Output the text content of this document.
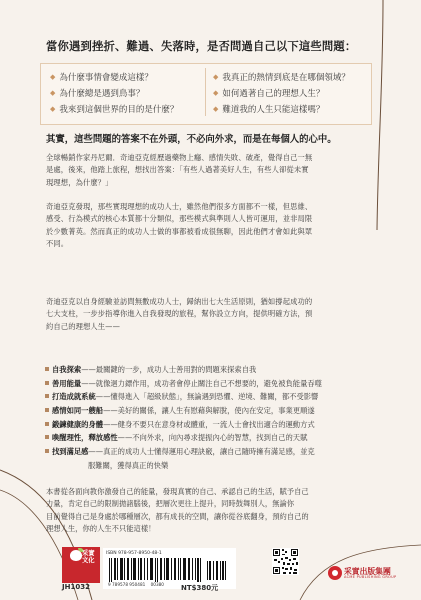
當你遇到挫折、難過、失落時，是否問過自己以下這些問題：
◆ 為什麼事情會變成這樣？
◆ 為什麼總是遇到鳥事？
◆ 我來到這個世界的目的是什麼？
◆ 我真正的熱情到底是在哪個領域？
◆ 如何過著自己的理想人生？
◆ 難道我的人生只能這樣嗎？
其實，這些問題的答案不在外頭，不必向外求，而是在每個人的心中。
全球暢銷作家丹尼爾．奇迪亞克經歷過藥物上癮、感情失敗、破產，覺得自己一無
是處，後來，他踏上旅程，想找出答案：「有些人過著美好人生，有些人卻從未實
現理想，為什麼？」
奇迪亞克發現，那些實現理想的成功人士，雖然他們很多方面都不一樣，但思維、
感受、行為模式的核心本質都十分類似，那些模式與準則人人皆可運用，並非局限
於少數菁英。然而真正的成功人士做的事都被看成很無聊，因此他們才會如此與眾
不同。
奇迪亞克以自身經驗並訪問無數成功人士，歸納出七大生活原則，猶如撐起成功的
七大支柱，一步步指導你進入自我發現的旅程，幫你設立方向，提供明確方法，預
約自己的理想人生——
自我探索——最關鍵的一步，成功人士善用對的問題來探索自我
善用能量——就像迴力鏢作用，成功者會停止關注自己不想要的，避免被負能量吞噬
打造成就系統——懂得進入「超級狀態」，無論遇到恐懼、逆境、難關，都不受影響
感情如同一艘船——美好的關係，讓人生有慰藉與解脫，使內在安定，事業更順遂
鍛鍊健康的身體——健身不要只在意身材或體重，一流人士會找出適合的運動方式
喚醒理性，釋放感性——不向外求，向內尋求提振內心的智慧，找到自己的天賦
找到滿足感——真正的成功人士懂得運用心理訣竅，讓自己隨時擁有滿足感，並克
服難關，獲得真正的快樂
本書從各面向教你激發自己的能量，發現真實的自己、承認自己的生活，賦予自己
力量，肯定自己的限制拋諸腦後，把層次更往上提升，同時鼓舞別人，無論你
目前覺得自己是身處於哪種層次，都有成長的空間，讓你從谷底翻身，預約自己的
理想人生，你的人生不只能這樣！
采實
文化
JH1032
ISBN 978-957-8950-48-1
9 789578 950481 00380 NT$380元
采實出版集團
ACME PUBLISHING GROUP
